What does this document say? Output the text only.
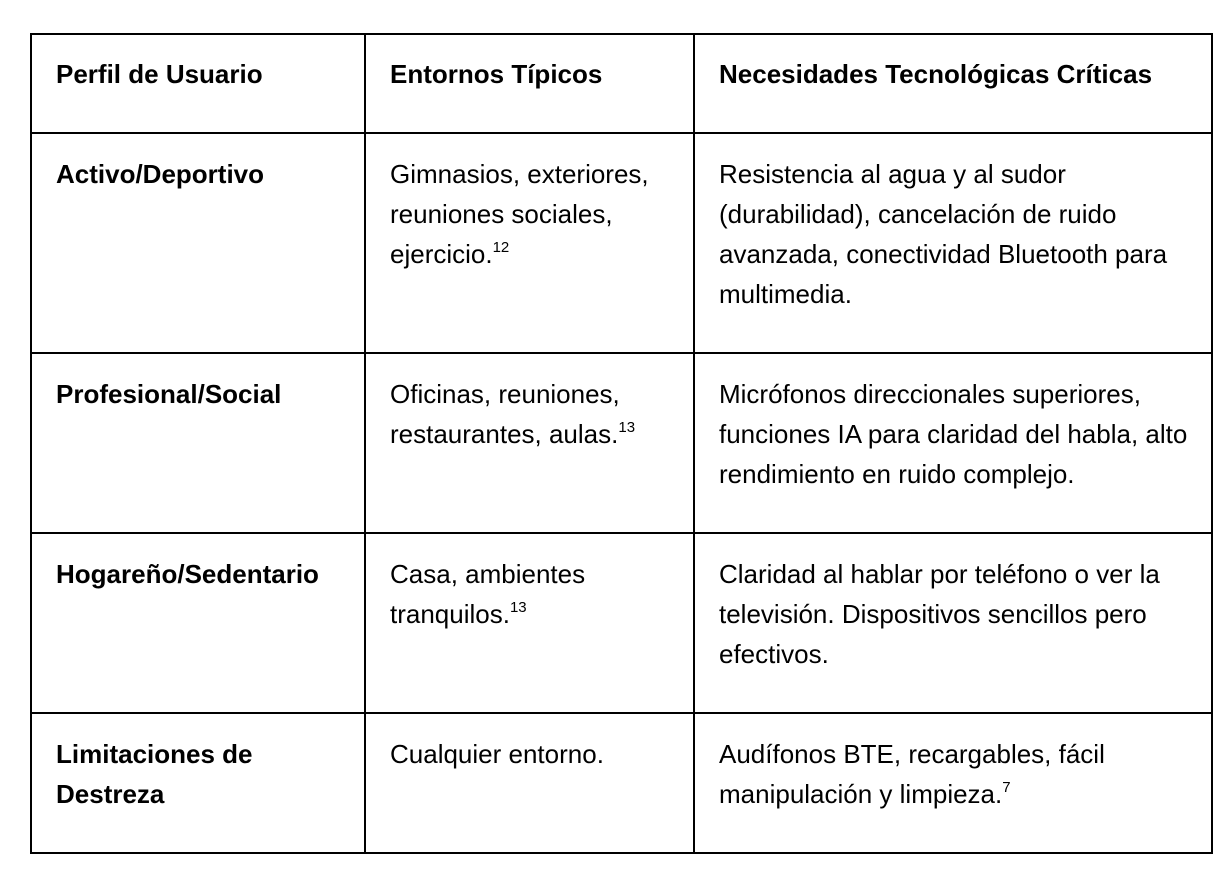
Perfil de Usuario	Entornos Típicos	Necesidades Tecnológicas Críticas
Activo/Deportivo	Gimnasios, exteriores, reuniones sociales, ejercicio.$^{12}$	Resistencia al agua y al sudor (durabilidad), cancelación de ruido avanzada, conectividad Bluetooth para multimedia.
Profesional/Social	Oficinas, reuniones, restaurantes, aulas.$^{13}$	Micrófonos direccionales superiores, funciones IA para claridad del habla, alto rendimiento en ruido complejo.
Hogareño/Sedentario	Casa, ambientes tranquilos.$^{13}$	Claridad al hablar por teléfono o ver la televisión. Dispositivos sencillos pero efectivos.
Limitaciones de Destreza	Cualquier entorno.	Audífonos BTE, recargables, fácil manipulación y limpieza.$^7$
